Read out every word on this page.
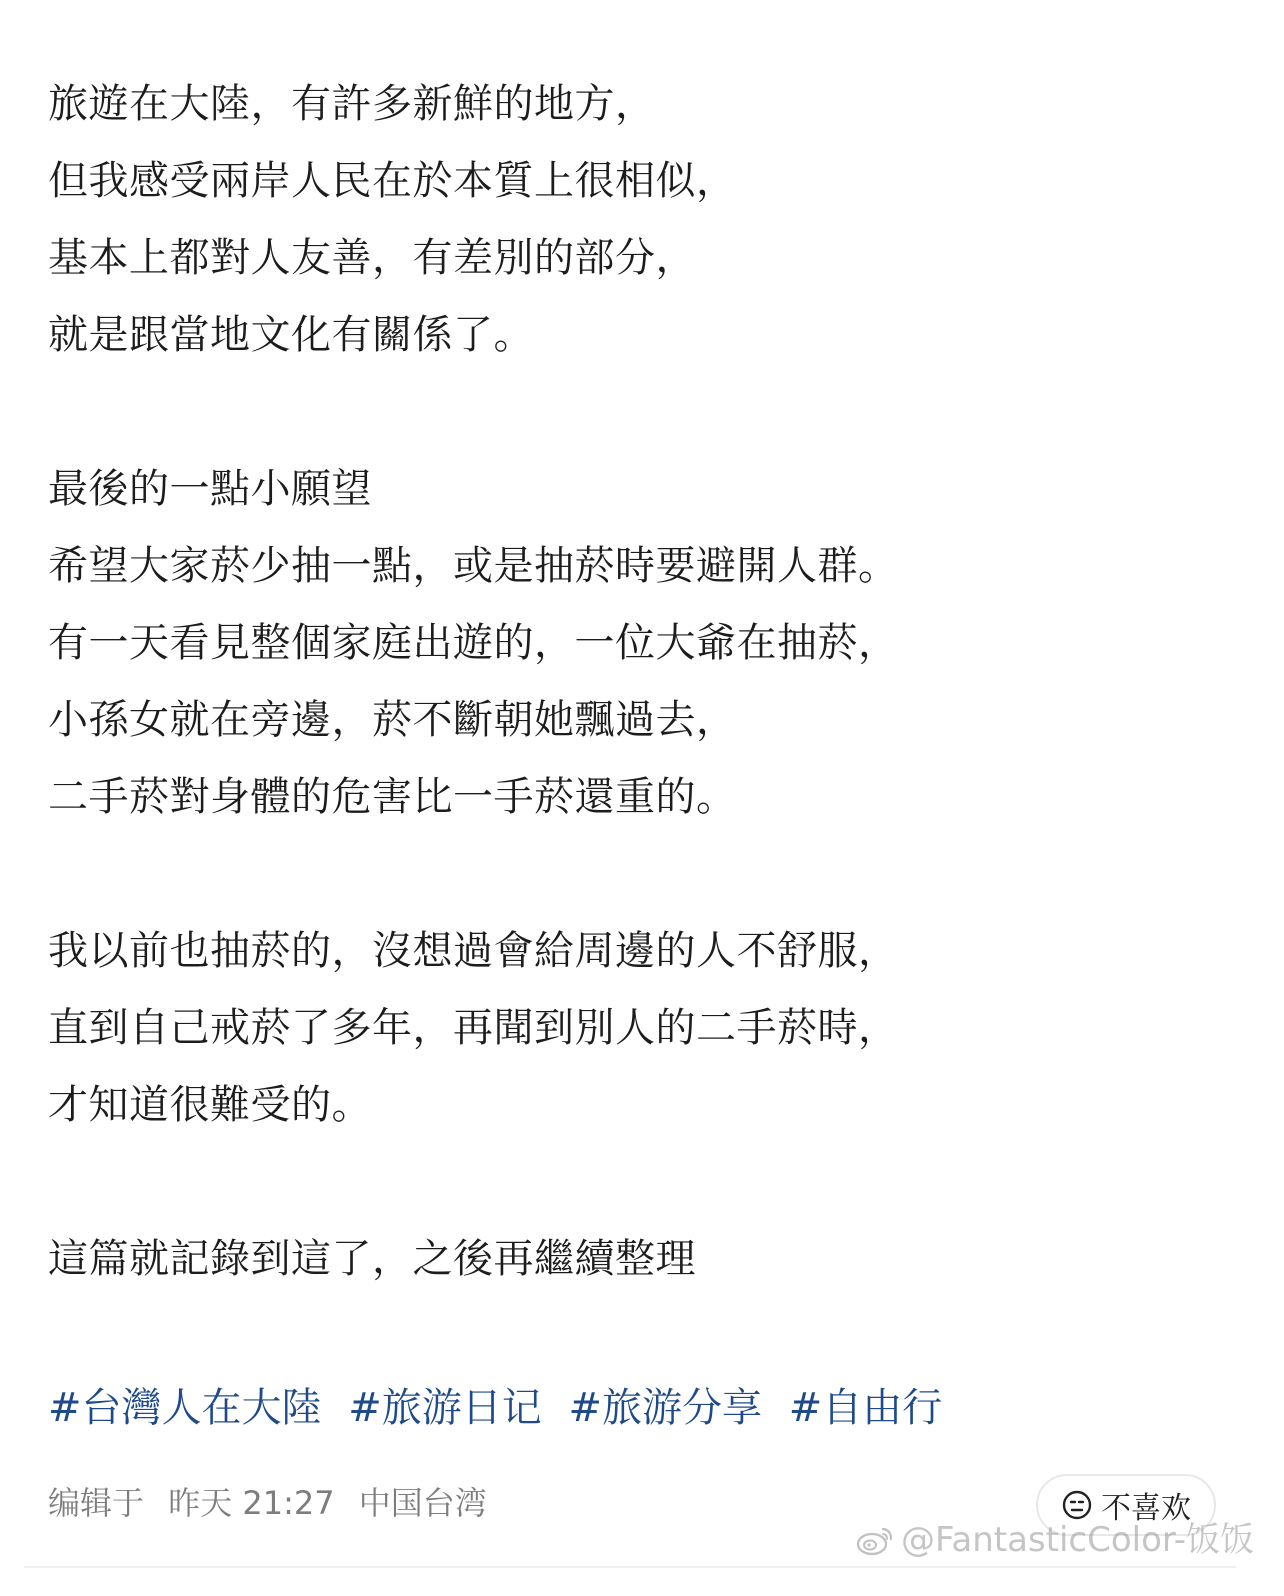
旅遊在大陸，有許多新鮮的地方，
但我感受兩岸人民在於本質上很相似，
基本上都對人友善，有差別的部分，
就是跟當地文化有關係了。
最後的一點小願望
希望大家菸少抽一點，或是抽菸時要避開人群。
有一天看見整個家庭出遊的，一位大爺在抽菸，
小孫女就在旁邊，菸不斷朝她飄過去，
二手菸對身體的危害比一手菸還重的。
我以前也抽菸的，沒想過會給周邊的人不舒服，
直到自己戒菸了多年，再聞到別人的二手菸時，
才知道很難受的。
這篇就記錄到這了，之後再繼續整理
#台灣人在大陸 #旅游日记 #旅游分享 #自由行
编辑于 昨天 21:27 中国台湾	不喜欢
@FantasticColor-饭饭
